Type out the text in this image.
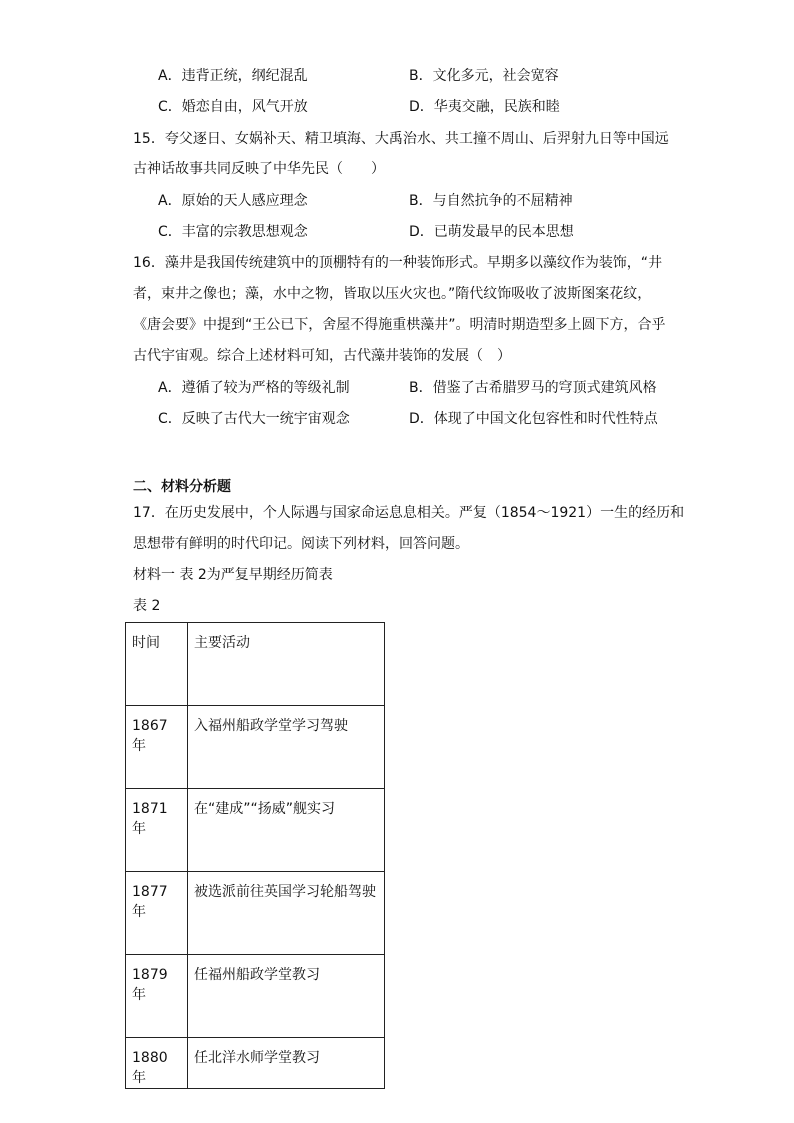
A．违背正统，纲纪混乱	B．文化多元，社会宽容
C．婚恋自由，风气开放	D．华夷交融，民族和睦
15．夸父逐日、女娲补天、精卫填海、大禹治水、共工撞不周山、后羿射九日等中国远
古神话故事共同反映了中华先民（　　）
A．原始的天人感应理念	B．与自然抗争的不屈精神
C．丰富的宗教思想观念	D．已萌发最早的民本思想
16．藻井是我国传统建筑中的顶棚特有的一种装饰形式。早期多以藻纹作为装饰，“井
者，束井之像也；藻，水中之物，皆取以压火灾也。”隋代纹饰吸收了波斯图案花纹，
《唐会要》中提到“王公已下，舍屋不得施重栱藻井”。明清时期造型多上圆下方，合乎
古代宇宙观。综合上述材料可知，古代藻井装饰的发展（　）
A．遵循了较为严格的等级礼制	B．借鉴了古希腊罗马的穹顶式建筑风格
C．反映了古代大一统宇宙观念	D．体现了中国文化包容性和时代性特点
二、材料分析题
17．在历史发展中，个人际遇与国家命运息息相关。严复（1854～1921）一生的经历和
思想带有鲜明的时代印记。阅读下列材料，回答问题。
材料一 表 2为严复早期经历简表
表 2
时间	主要活动
1867 年	入福州船政学堂学习驾驶
1871 年	在“建成”“扬威”舰实习
1877 年	被选派前往英国学习轮船驾驶
1879 年	任福州船政学堂教习
1880 年	任北洋水师学堂教习
